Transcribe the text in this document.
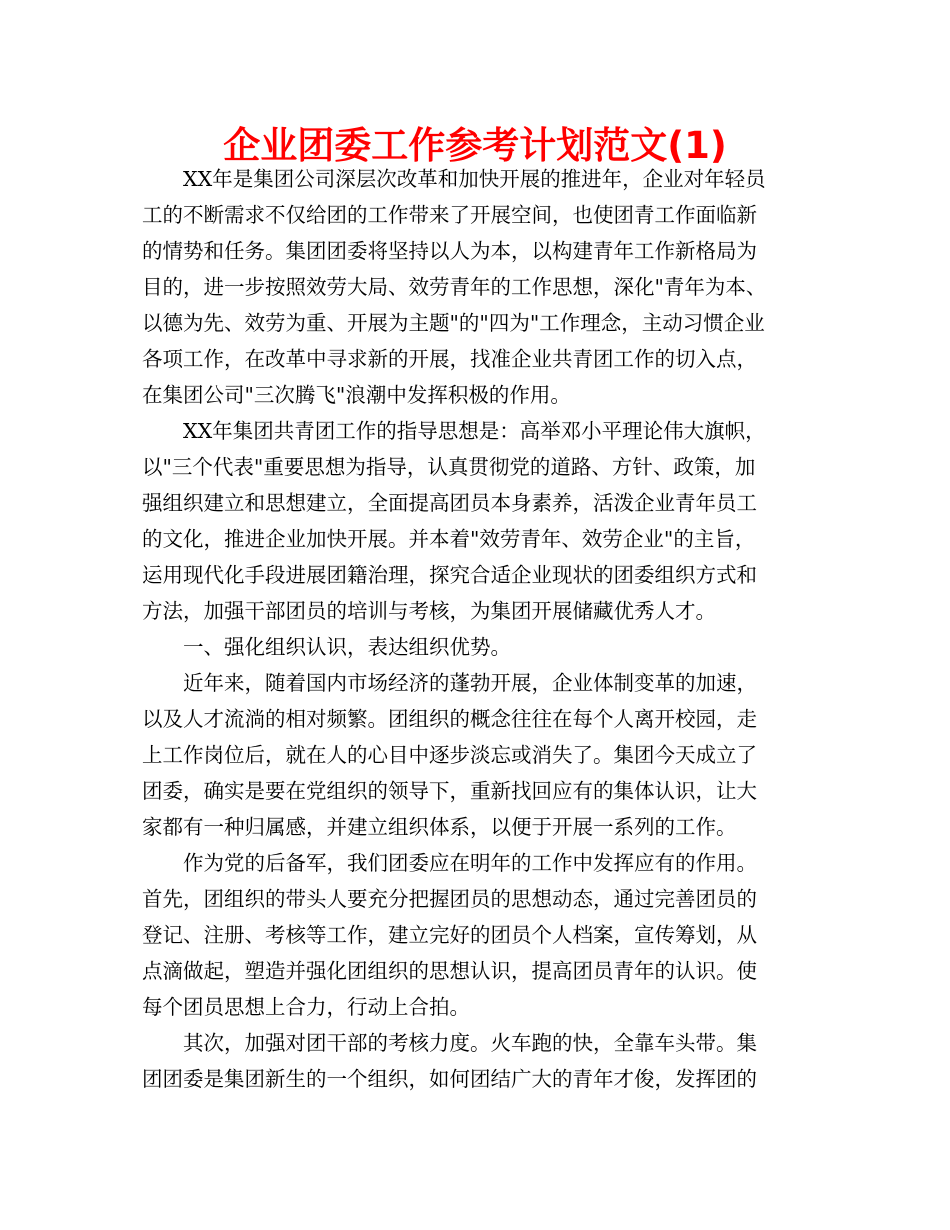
企业团委工作参考计划范文(1)

XX年是集团公司深层次改革和加快开展的推进年，企业对年轻员
工的不断需求不仅给团的工作带来了开展空间，也使团青工作面临新
的情势和任务。集团团委将坚持以人为本，以构建青年工作新格局为
目的，进一步按照效劳大局、效劳青年的工作思想，深化"青年为本、
以德为先、效劳为重、开展为主题"的"四为"工作理念，主动习惯企业
各项工作，在改革中寻求新的开展，找准企业共青团工作的切入点，
在集团公司"三次腾飞"浪潮中发挥积极的作用。

XX年集团共青团工作的指导思想是：高举邓小平理论伟大旗帜，
以"三个代表"重要思想为指导，认真贯彻党的道路、方针、政策，加
强组织建立和思想建立，全面提高团员本身素养，活泼企业青年员工
的文化，推进企业加快开展。并本着"效劳青年、效劳企业"的主旨，
运用现代化手段进展团籍治理，探究合适企业现状的团委组织方式和
方法，加强干部团员的培训与考核，为集团开展储藏优秀人才。

一、强化组织认识，表达组织优势。

近年来，随着国内市场经济的蓬勃开展，企业体制变革的加速，
以及人才流淌的相对频繁。团组织的概念往往在每个人离开校园，走
上工作岗位后，就在人的心目中逐步淡忘或消失了。集团今天成立了
团委，确实是要在党组织的领导下，重新找回应有的集体认识，让大
家都有一种归属感，并建立组织体系，以便于开展一系列的工作。

作为党的后备军，我们团委应在明年的工作中发挥应有的作用。
首先，团组织的带头人要充分把握团员的思想动态，通过完善团员的
登记、注册、考核等工作，建立完好的团员个人档案，宣传筹划，从
点滴做起，塑造并强化团组织的思想认识，提高团员青年的认识。使
每个团员思想上合力，行动上合拍。

其次，加强对团干部的考核力度。火车跑的快，全靠车头带。集
团团委是集团新生的一个组织，如何团结广大的青年才俊，发挥团的
